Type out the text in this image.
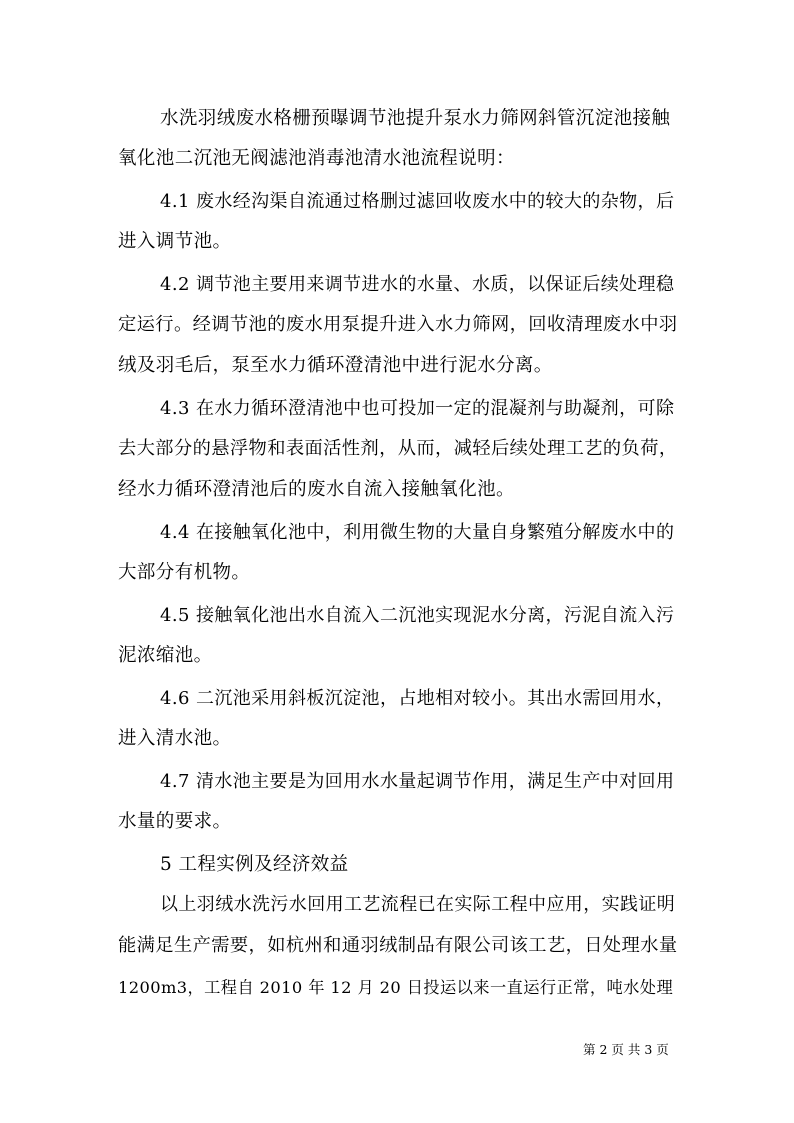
水洗羽绒废水格栅预曝调节池提升泵水力筛网斜管沉淀池接触
氧化池二沉池无阀滤池消毒池清水池流程说明：
4.1 废水经沟渠自流通过格删过滤回收废水中的较大的杂物，后
进入调节池。
4.2 调节池主要用来调节进水的水量、水质，以保证后续处理稳
定运行。经调节池的废水用泵提升进入水力筛网，回收清理废水中羽
绒及羽毛后，泵至水力循环澄清池中进行泥水分离。
4.3 在水力循环澄清池中也可投加一定的混凝剂与助凝剂，可除
去大部分的悬浮物和表面活性剂，从而，减轻后续处理工艺的负荷，
经水力循环澄清池后的废水自流入接触氧化池。
4.4 在接触氧化池中，利用微生物的大量自身繁殖分解废水中的
大部分有机物。
4.5 接触氧化池出水自流入二沉池实现泥水分离，污泥自流入污
泥浓缩池。
4.6 二沉池采用斜板沉淀池，占地相对较小。其出水需回用水，
进入清水池。
4.7 清水池主要是为回用水水量起调节作用，满足生产中对回用
水量的要求。
5 工程实例及经济效益
以上羽绒水洗污水回用工艺流程已在实际工程中应用，实践证明
能满足生产需要，如杭州和通羽绒制品有限公司该工艺，日处理水量
1200m3，工程自 2010 年 12 月 20 日投运以来一直运行正常，吨水处理
第 2 页 共 3 页
